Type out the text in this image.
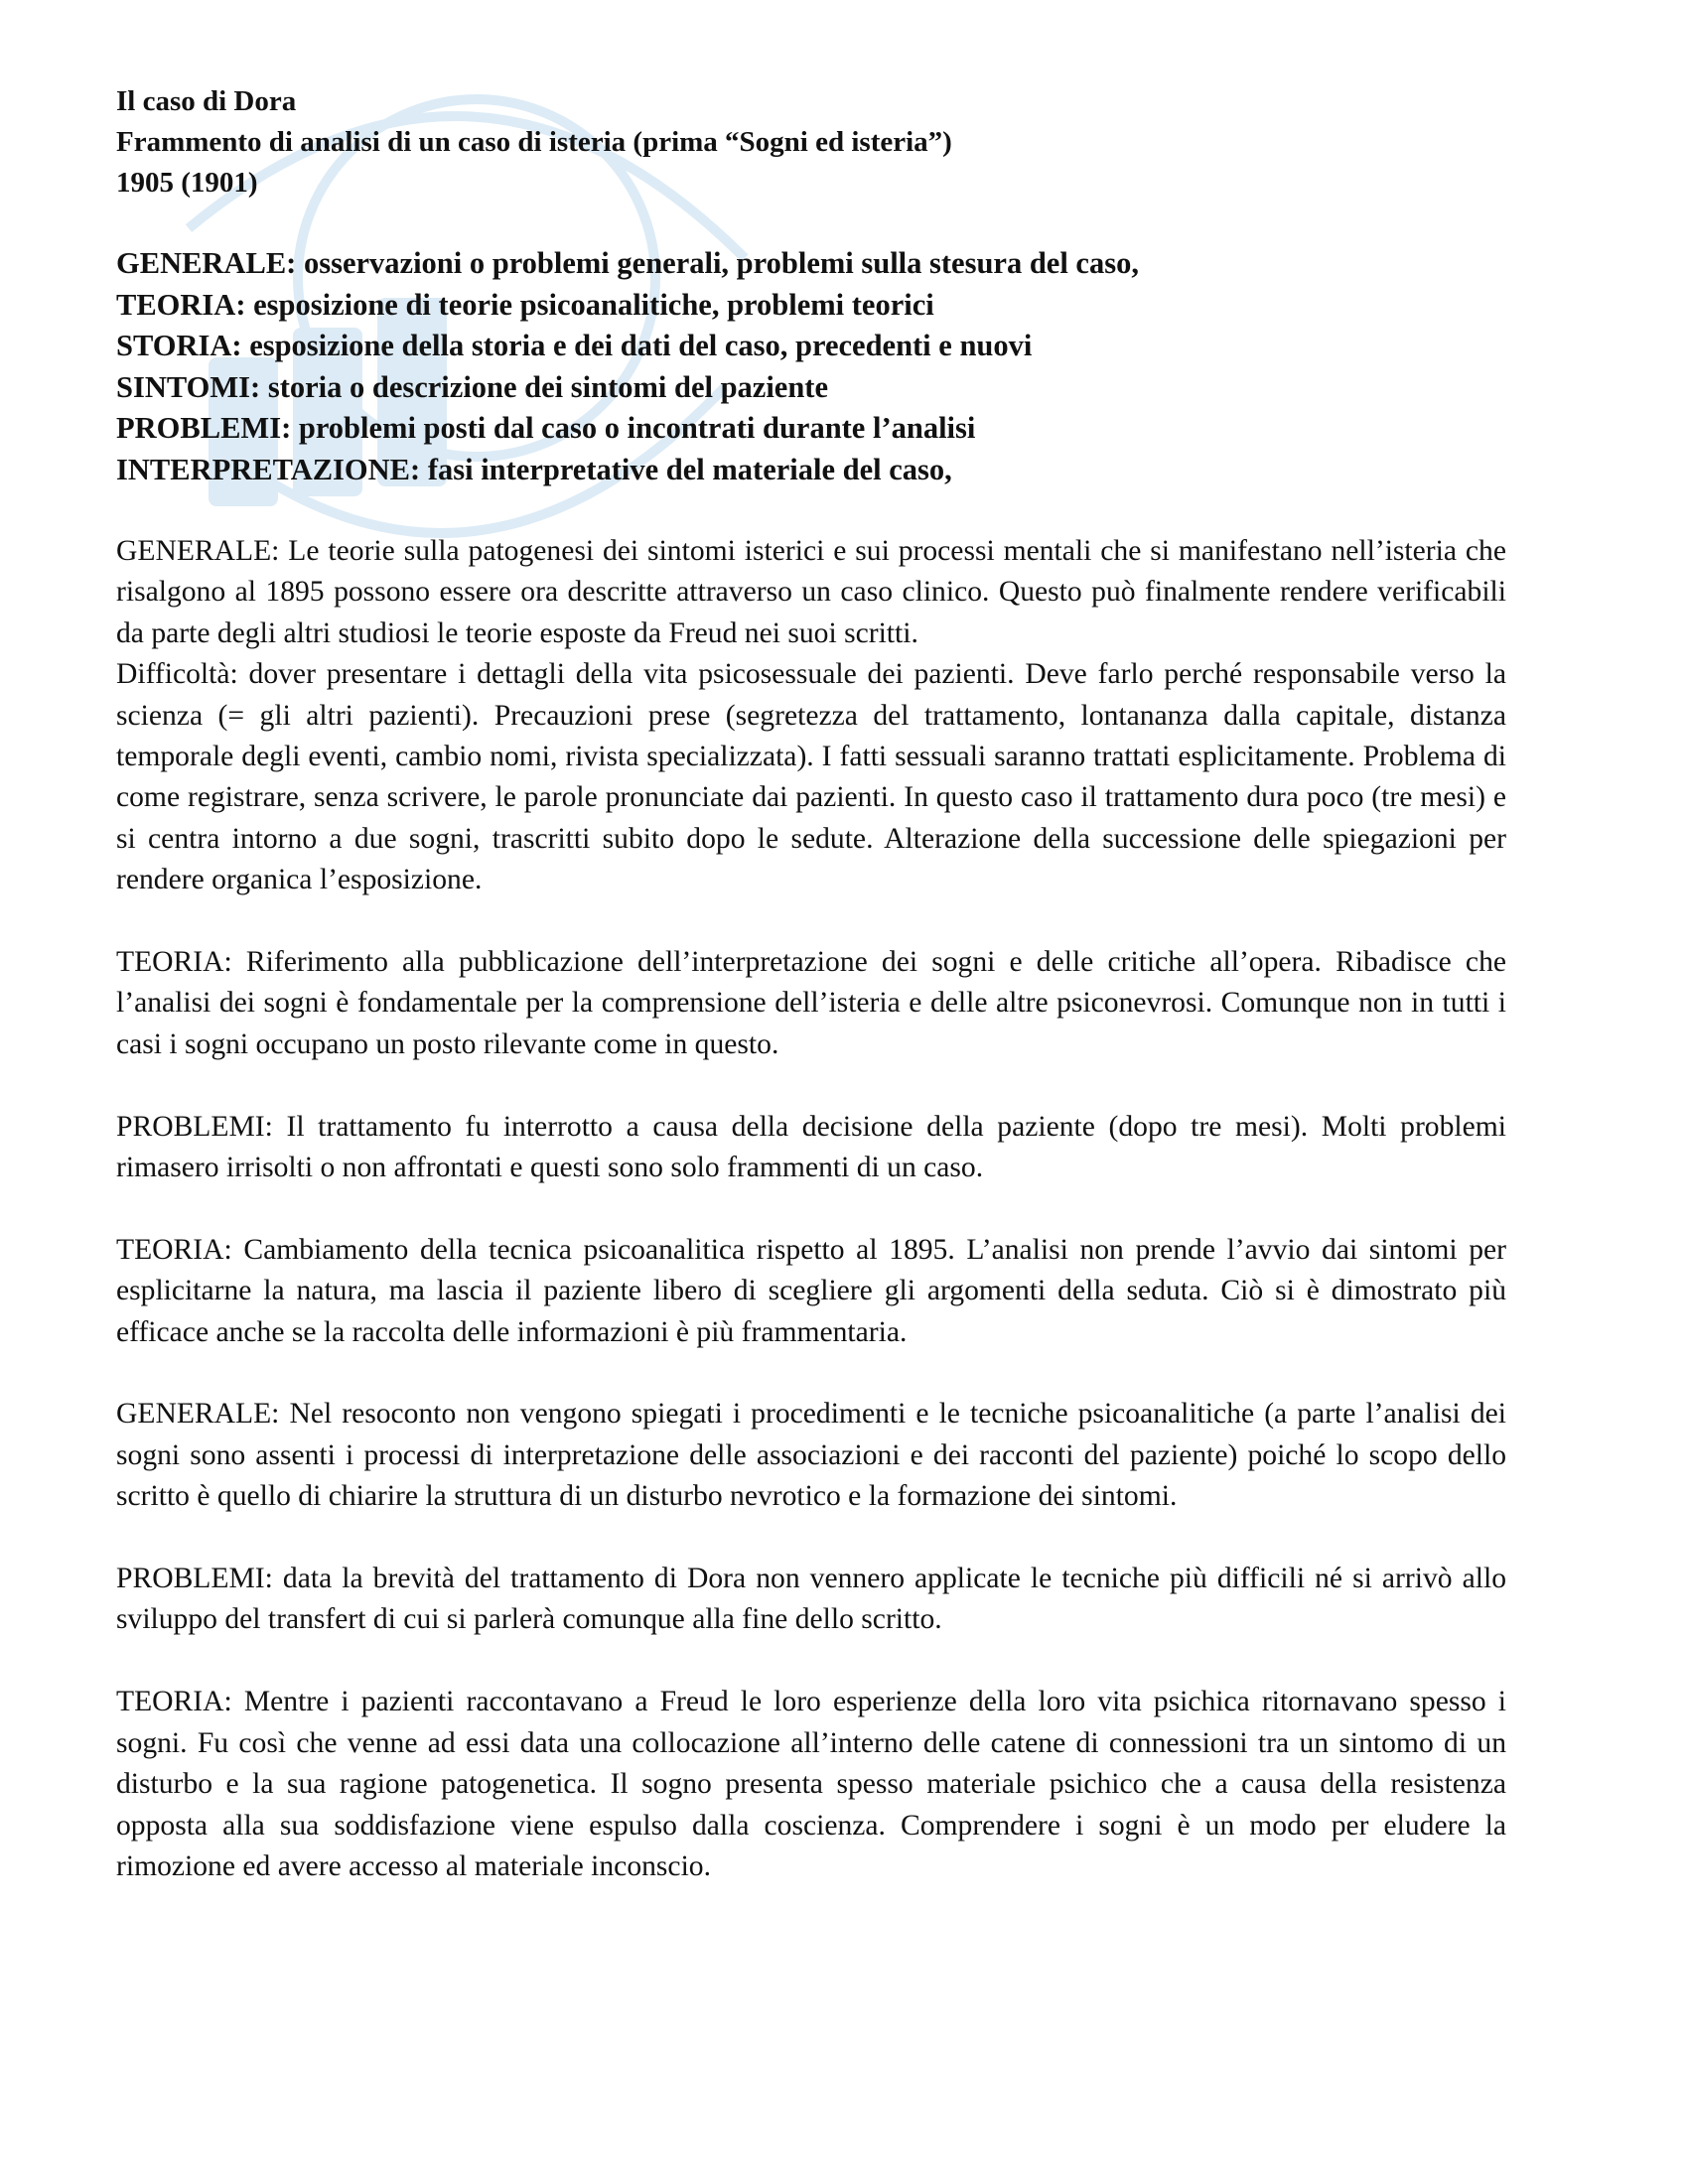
Il caso di Dora
Frammento di analisi di un caso di isteria (prima “Sogni ed isteria”)
1905 (1901)
GENERALE: osservazioni o problemi generali, problemi sulla stesura del caso,
TEORIA: esposizione di teorie psicoanalitiche, problemi teorici
STORIA: esposizione della storia e dei dati del caso, precedenti e nuovi
SINTOMI: storia o descrizione dei sintomi del paziente
PROBLEMI: problemi posti dal caso o incontrati durante l’analisi
INTERPRETAZIONE: fasi interpretative del materiale del caso,

GENERALE: Le teorie sulla patogenesi dei sintomi isterici e sui processi mentali che si manifestano nell’isteria che risalgono al 1895 possono essere ora descritte attraverso un caso clinico. Questo può finalmente rendere verificabili da parte degli altri studiosi le teorie esposte da Freud nei suoi scritti.

Difficoltà: dover presentare i dettagli della vita psicosessuale dei pazienti. Deve farlo perché responsabile verso la scienza (= gli altri pazienti). Precauzioni prese (segretezza del trattamento, lontananza dalla capitale, distanza temporale degli eventi, cambio nomi, rivista specializzata). I fatti sessuali saranno trattati esplicitamente. Problema di come registrare, senza scrivere, le parole pronunciate dai pazienti. In questo caso il trattamento dura poco (tre mesi) e si centra intorno a due sogni, trascritti subito dopo le sedute. Alterazione della successione delle spiegazioni per rendere organica l’esposizione.

TEORIA: Riferimento alla pubblicazione dell’interpretazione dei sogni e delle critiche all’opera. Ribadisce che l’analisi dei sogni è fondamentale per la comprensione dell’isteria e delle altre psiconevrosi. Comunque non in tutti i casi i sogni occupano un posto rilevante come in questo.

PROBLEMI: Il trattamento fu interrotto a causa della decisione della paziente (dopo tre mesi). Molti problemi rimasero irrisolti o non affrontati e questi sono solo frammenti di un caso.

TEORIA: Cambiamento della tecnica psicoanalitica rispetto al 1895. L’analisi non prende l’avvio dai sintomi per esplicitarne la natura, ma lascia il paziente libero di scegliere gli argomenti della seduta. Ciò si è dimostrato più efficace anche se la raccolta delle informazioni è più frammentaria.

GENERALE: Nel resoconto non vengono spiegati i procedimenti e le tecniche psicoanalitiche (a parte l’analisi dei sogni sono assenti i processi di interpretazione delle associazioni e dei racconti del paziente) poiché lo scopo dello scritto è quello di chiarire la struttura di un disturbo nevrotico e la formazione dei sintomi.

PROBLEMI: data la brevità del trattamento di Dora non vennero applicate le tecniche più difficili né si arrivò allo sviluppo del transfert di cui si parlerà comunque alla fine dello scritto.

TEORIA: Mentre i pazienti raccontavano a Freud le loro esperienze della loro vita psichica ritornavano spesso i sogni. Fu così che venne ad essi data una collocazione all’interno delle catene di connessioni tra un sintomo di un disturbo e la sua ragione patogenetica. Il sogno presenta spesso materiale psichico che a causa della resistenza opposta alla sua soddisfazione viene espulso dalla coscienza. Comprendere i sogni è un modo per eludere la rimozione ed avere accesso al materiale inconscio.
